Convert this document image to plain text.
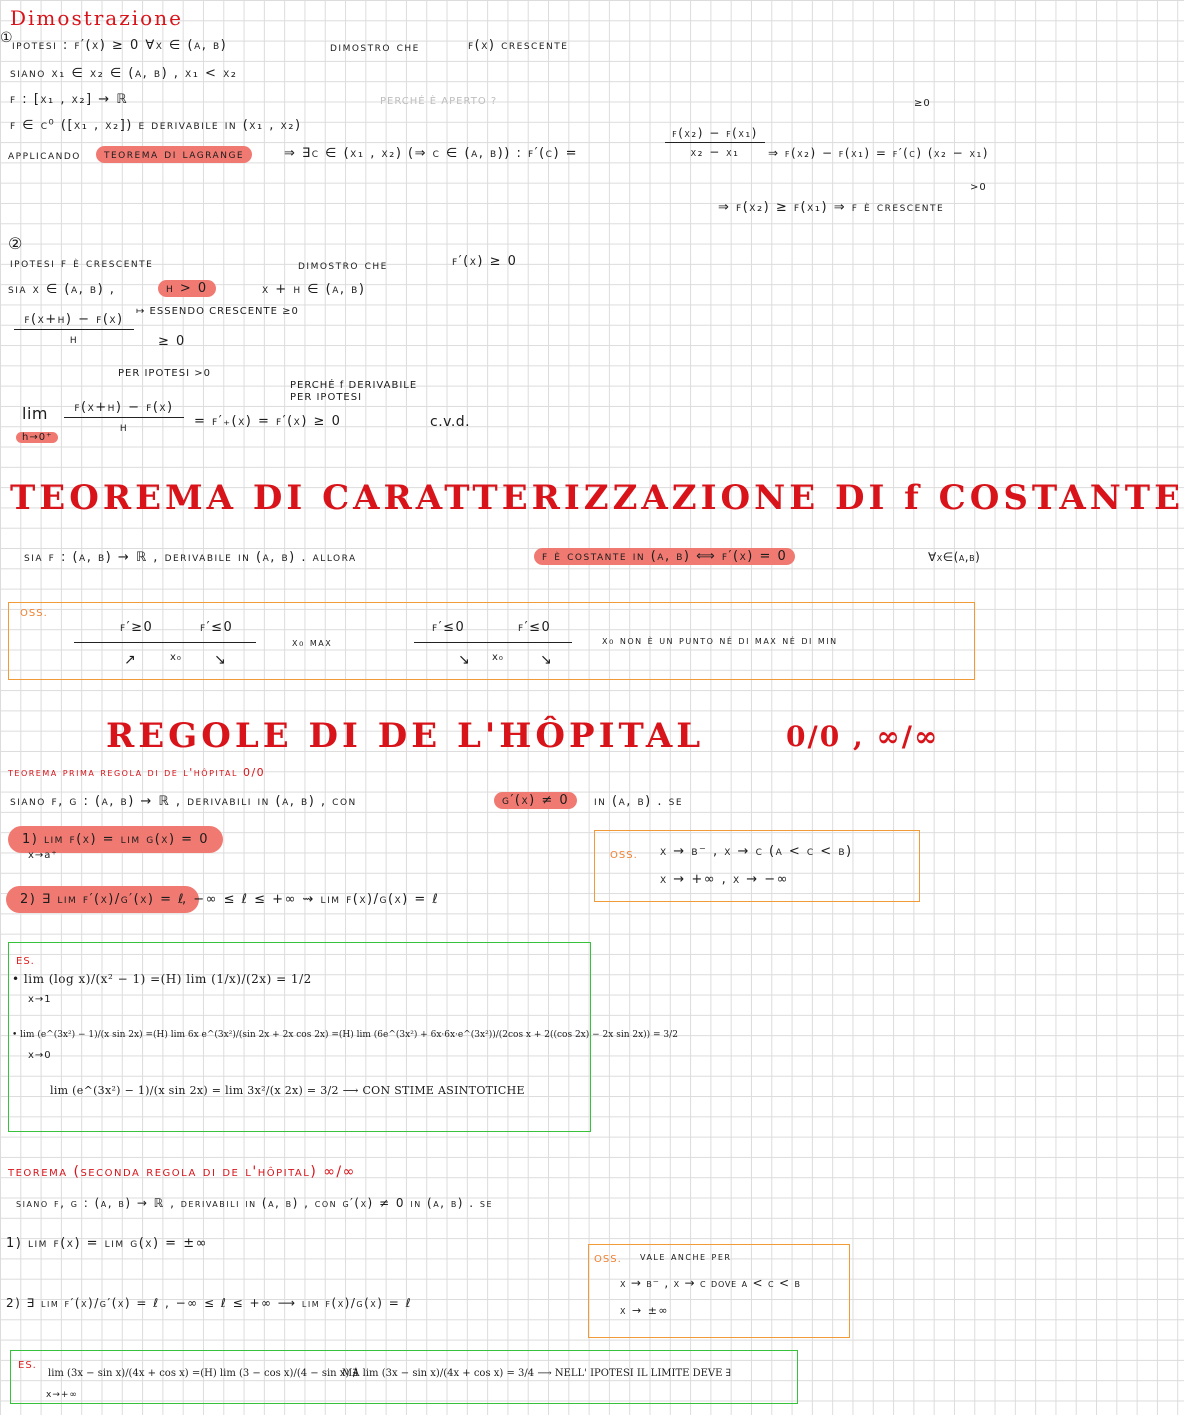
Dimostrazione
①
ipotesi : f′(x) ≥ 0 ∀x ∈ (a, b)	dimostro che	f(x) crescente
siano x₁ ∈ x₂ ∈ (a, b) , x₁ < x₂
f : [x₁ , x₂] → ℝ	PERCHÉ È APERTO ?
f ∈ c⁰ ([x₁ , x₂]) e derivabile in (x₁ , x₂)
applicando	teorema di lagrange	⇒ ∃c ∈ (x₁ , x₂) (⇒ c ∈ (a, b)) : f′(c) =	$\frac{\text{f(x₂) − f(x₁)}}{\text{x₂ − x₁}}$ ⇒ f(x₂) − f(x₁) = f′(c) (x₂ − x₁)
≥0
>0
⇒ f(x₂) ≥ f(x₁) ⇒ f è crescente
②
ipotesi f è crescente	dimostro che	f′(x) ≥ 0
sia x ∈ (a, b) ,	h > 0	x + h ∈ (a, b)
$\frac{f(x+h) - f(x)}{h}$
↦ ESSENDO CRESCENTE ≥0
≥ 0
PER IPOTESI >0
lim
h→0⁺
$\frac{f(x+h) - f(x)}{h} = f'_+(x) = f'(x) \ge 0$
PERCHÉ f DERIVABILE PER IPOTESI
c.v.d.
TEOREMA DI CARATTERIZZAZIONE DI f COSTANTE
sia f : (a, b) → ℝ , derivabile in (a, b) . allora	f è costante in (a, b) ⟺ f′(x) = 0	∀x∈(a,b)
OSS.
f′≥0	f′≤0
x₀
↗	↘
x₀ max
f′≤0	f′≤0
x₀
↘	↘
x₀ non è un punto né di max né di min
REGOLE DI DE L'HÔPITAL	0/0 , ∞/∞
teorema prima regola di de l'hôpital 0/0
siano f, g : (a, b) → ℝ , derivabili in (a, b) , con	g′(x) ≠ 0	in (a, b) . se
1) lim f(x) = lim g(x) = 0
x→a⁺
2) ∃ lim f′(x)/g′(x) = ℓ
, −∞ ≤ ℓ ≤ +∞ ⇝ lim f(x)/g(x) = ℓ
OSS. x → b⁻ , x → c (a < c < b)
x → +∞ , x → −∞
ES.
• lim (log x)/(x² − 1) =(H) lim (1/x)/(2x) = 1/2
x→1
• lim (e^(3x²) − 1)/(x sin 2x) =(H) lim 6x e^(3x²)/(sin 2x + 2x cos 2x) =(H) lim (6e^(3x²) + 6x·6x·e^(3x²))/(2cos x + 2((cos 2x) − 2x sin 2x)) = 3/2
x→0
lim (e^(3x²) − 1)/(x sin 2x) = lim 3x²/(x 2x) = 3/2 ⟶ CON STIME ASINTOTICHE
teorema (seconda regola di de l'hôpital) ∞/∞
siano f, g : (a, b) → ℝ , derivabili in (a, b) , con g′(x) ≠ 0 in (a, b) . se
1) lim f(x) = lim g(x) = ±∞
2) ∃ lim f′(x)/g′(x) = ℓ , −∞ ≤ ℓ ≤ +∞ ⟶ lim f(x)/g(x) = ℓ
OSS. vale anche per
x → b⁻ , x → c dove a < c < b
x → ±∞
ES.
lim (3x − sin x)/(4x + cos x) =(H) lim (3 − cos x)/(4 − sin x) ∄
MA lim (3x − sin x)/(4x + cos x) = 3/4 ⟶ NELL' IPOTESI IL LIMITE DEVE ∃
x→+∞
